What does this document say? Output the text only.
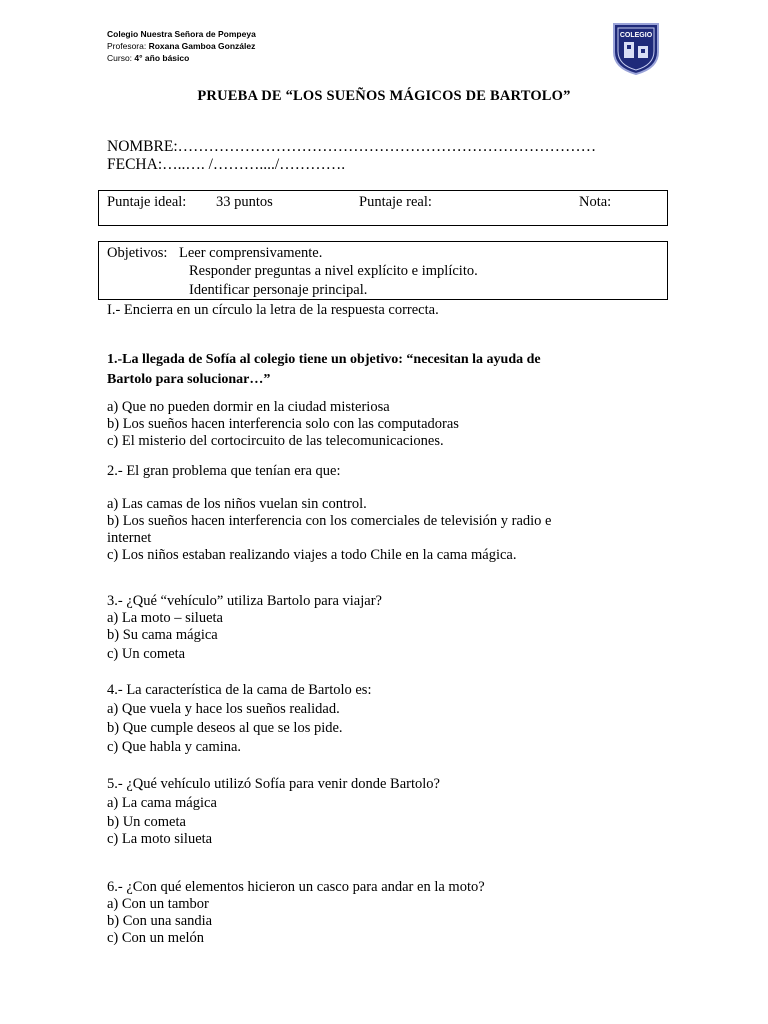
Colegio Nuestra Señora de Pompeya
Profesora: Roxana Gamboa González
Curso: 4° año básico
COLEGIO
PRUEBA DE “LOS SUEÑOS MÁGICOS DE BARTOLO”
NOMBRE:………………………………………………………………………
FECHA:…..…. /………..../………….
Puntaje ideal: 33 puntos	Puntaje real:	Nota:
Objetivos: Leer comprensivamente.
Responder preguntas a nivel explícito e implícito.
Identificar personaje principal.
I.- Encierra en un círculo la letra de la respuesta correcta.
1.-La llegada de Sofía al colegio tiene un objetivo: “necesitan la ayuda de
Bartolo para solucionar…”
a) Que no pueden dormir en la ciudad misteriosa
b) Los sueños hacen interferencia solo con las computadoras
c) El misterio del cortocircuito de las telecomunicaciones.
2.- El gran problema que tenían era que:
a) Las camas de los niños vuelan sin control.
b) Los sueños hacen interferencia con los comerciales de televisión y radio e
internet
c) Los niños estaban realizando viajes a todo Chile en la cama mágica.
3.- ¿Qué “vehículo” utiliza Bartolo para viajar?
a) La moto – silueta
b) Su cama mágica
c) Un cometa
4.- La característica de la cama de Bartolo es:
a) Que vuela y hace los sueños realidad.
b) Que cumple deseos al que se los pide.
c) Que habla y camina.
5.- ¿Qué vehículo utilizó Sofía para venir donde Bartolo?
a) La cama mágica
b) Un cometa
c) La moto silueta
6.- ¿Con qué elementos hicieron un casco para andar en la moto?
a) Con un tambor
b) Con una sandia
c) Con un melón
